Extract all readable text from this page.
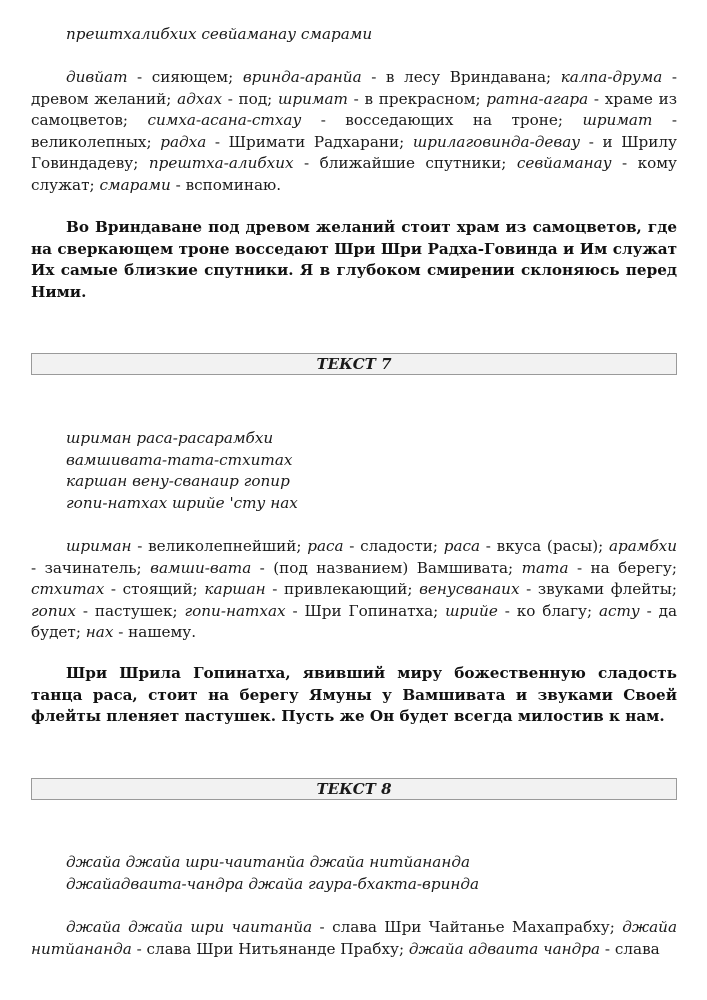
прештхалибхих севйаманау смарами

дивйат - сияющем; вринда-аранйа - в лесу Вриндавана; калпа-друма - древом желаний; адхах - под; шримат - в прекрасном; ратна-агара - храме из самоцветов; симха-асана-стхау - восседающих на троне; шримат - великолепных; радха - Шримати Радхарани; шрилаговинда-девау - и Шрилу Говиндадеву; прештха-алибхих - ближайшие спутники; севйаманау - кому служат; смарами - вспоминаю.

Во Вриндаване под древом желаний стоит храм из самоцветов, где на сверкающем троне восседают Шри Шри Радха-Говинда и Им служат Их самые близкие спутники. Я в глубоком смирении склоняюсь перед Ними.

ТЕКСТ 7

шриман раса-расарамбхи

вамшивата-тата-стхитах

каршан вену-сванаир гопир

гопи-натхах шрийе 'сту нах

шриман - великолепнейший; раса - сладости; раса - вкуса (расы); арамбхи - зачинатель; вамши-вата - (под названием) Вамшивата; тата - на берегу; стхитах - стоящий; каршан - привлекающий; венусванаих - звуками флейты; гопих - пастушек; гопи-натхах - Шри Гопинатха; шрийе - ко благу; асту - да будет; нах - нашему.

Шри Шрила Гопинатха, явивший миру божественную сладость танца раса, стоит на берегу Ямуны у Вамшивата и звуками Своей флейты пленяет пастушек. Пусть же Он будет всегда милостив к нам.

ТЕКСТ 8

джайа джайа шри-чаитанйа джайа нитйананда

джайадваита-чандра джайа гаура-бхакта-вринда

джайа джайа шри чаитанйа - слава Шри Чайтанье Махапрабху; джайа нитйананда - слава Шри Нитьянанде Прабху; джайа адваита чандра - слава
